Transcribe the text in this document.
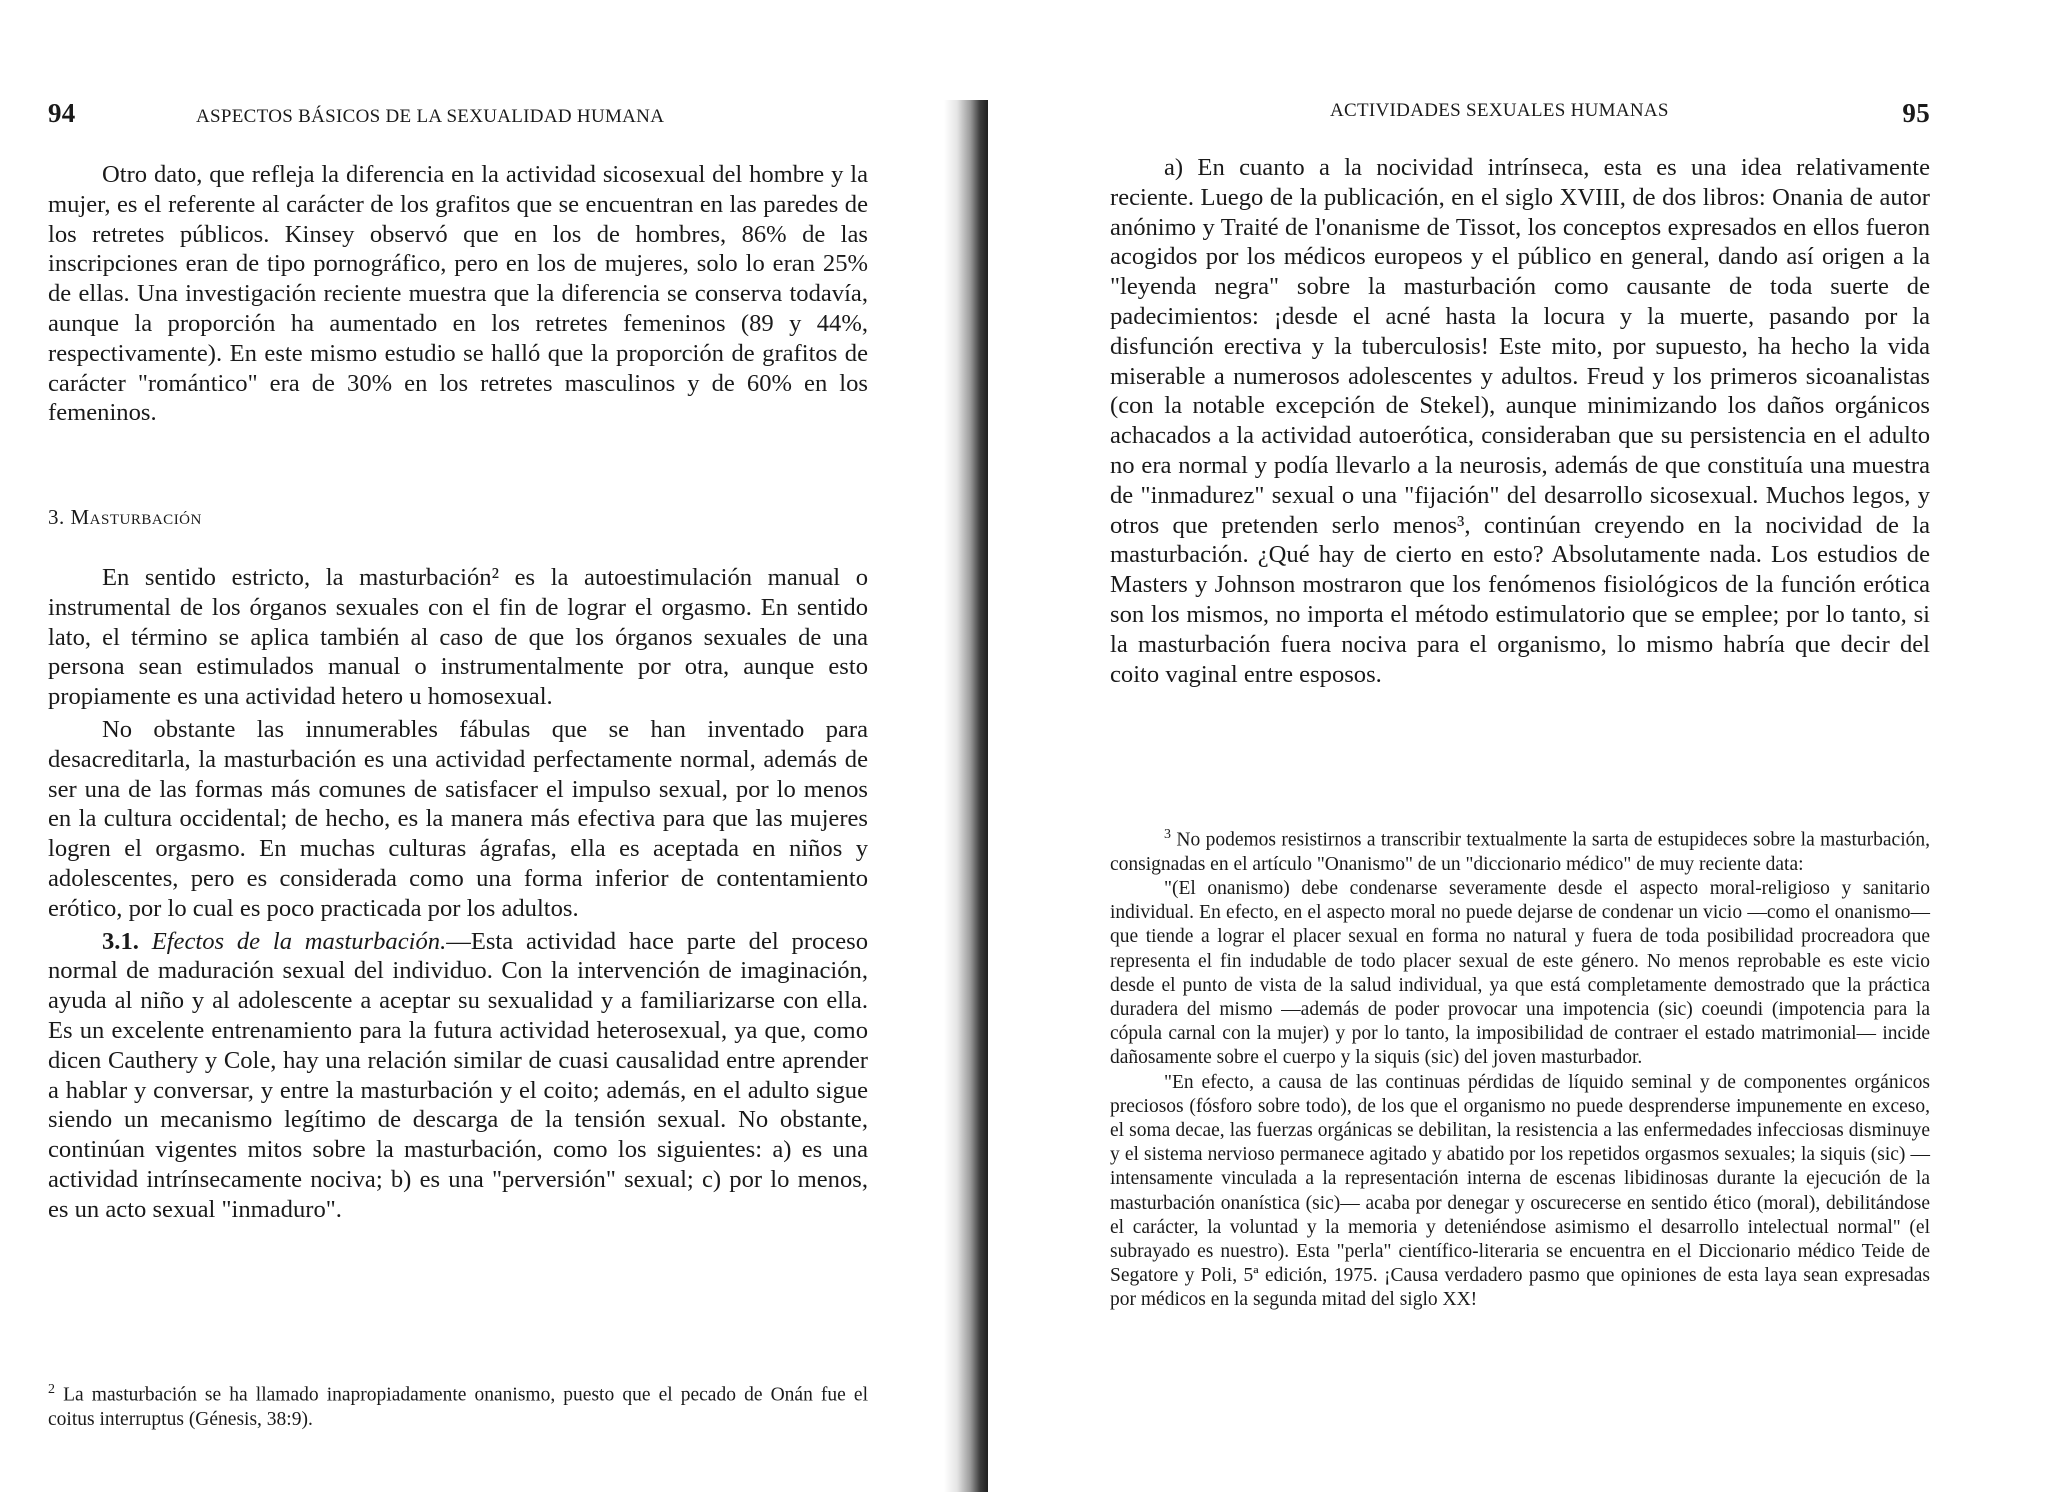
94	ASPECTOS BÁSICOS DE LA SEXUALIDAD HUMANA

Otro dato, que refleja la diferencia en la actividad sicosexual del hombre y la mujer, es el referente al carácter de los grafitos que se encuentran en las paredes de los retretes públicos. Kinsey observó que en los de hombres, 86% de las inscripciones eran de tipo pornográfico, pero en los de mujeres, solo lo eran 25% de ellas. Una investigación reciente muestra que la diferencia se conserva todavía, aunque la proporción ha aumentado en los retretes femeninos (89 y 44%, respectivamente). En este mismo estudio se halló que la proporción de grafitos de carácter "romántico" era de 30% en los retretes masculinos y de 60% en los femeninos.

3. Masturbación

En sentido estricto, la masturbación² es la autoestimulación manual o instrumental de los órganos sexuales con el fin de lograr el orgasmo. En sentido lato, el término se aplica también al caso de que los órganos sexuales de una persona sean estimulados manual o instrumentalmente por otra, aunque esto propiamente es una actividad hetero u homosexual.

No obstante las innumerables fábulas que se han inventado para desacreditarla, la masturbación es una actividad perfectamente normal, además de ser una de las formas más comunes de satisfacer el impulso sexual, por lo menos en la cultura occidental; de hecho, es la manera más efectiva para que las mujeres logren el orgasmo. En muchas culturas ágrafas, ella es aceptada en niños y adolescentes, pero es considerada como una forma inferior de contentamiento erótico, por lo cual es poco practicada por los adultos.

3.1. Efectos de la masturbación.—Esta actividad hace parte del proceso normal de maduración sexual del individuo. Con la intervención de imaginación, ayuda al niño y al adolescente a aceptar su sexualidad y a familiarizarse con ella. Es un excelente entrenamiento para la futura actividad heterosexual, ya que, como dicen Cauthery y Cole, hay una relación similar de cuasi causalidad entre aprender a hablar y conversar, y entre la masturbación y el coito; además, en el adulto sigue siendo un mecanismo legítimo de descarga de la tensión sexual. No obstante, continúan vigentes mitos sobre la masturbación, como los siguientes: a) es una actividad intrínsecamente nociva; b) es una "perversión" sexual; c) por lo menos, es un acto sexual "inmaduro".

$^2$ La masturbación se ha llamado inapropiadamente onanismo, puesto que el pecado de Onán fue el coitus interruptus (Génesis, 38:9).
ACTIVIDADES SEXUALES HUMANAS	95

a) En cuanto a la nocividad intrínseca, esta es una idea relativamente reciente. Luego de la publicación, en el siglo XVIII, de dos libros: Onania de autor anónimo y Traité de l'onanisme de Tissot, los conceptos expresados en ellos fueron acogidos por los médicos europeos y el público en general, dando así origen a la "leyenda negra" sobre la masturbación como causante de toda suerte de padecimientos: ¡desde el acné hasta la locura y la muerte, pasando por la disfunción erectiva y la tuberculosis! Este mito, por supuesto, ha hecho la vida miserable a numerosos adolescentes y adultos. Freud y los primeros sicoanalistas (con la notable excepción de Stekel), aunque minimizando los daños orgánicos achacados a la actividad autoerótica, consideraban que su persistencia en el adulto no era normal y podía llevarlo a la neurosis, además de que constituía una muestra de "inmadurez" sexual o una "fijación" del desarrollo sicosexual. Muchos legos, y otros que pretenden serlo menos³, continúan creyendo en la nocividad de la masturbación. ¿Qué hay de cierto en esto? Absolutamente nada. Los estudios de Masters y Johnson mostraron que los fenómenos fisiológicos de la función erótica son los mismos, no importa el método estimulatorio que se emplee; por lo tanto, si la masturbación fuera nociva para el organismo, lo mismo habría que decir del coito vaginal entre esposos.

$^3$ No podemos resistirnos a transcribir textualmente la sarta de estupideces sobre la masturbación, consignadas en el artículo "Onanismo" de un "diccionario médico" de muy reciente data:

"(El onanismo) debe condenarse severamente desde el aspecto moral-religioso y sanitario individual. En efecto, en el aspecto moral no puede dejarse de condenar un vicio —como el onanismo— que tiende a lograr el placer sexual en forma no natural y fuera de toda posibilidad procreadora que representa el fin indudable de todo placer sexual de este género. No menos reprobable es este vicio desde el punto de vista de la salud individual, ya que está completamente demostrado que la práctica duradera del mismo —además de poder provocar una impotencia (sic) coeundi (impotencia para la cópula carnal con la mujer) y por lo tanto, la imposibilidad de contraer el estado matrimonial— incide dañosamente sobre el cuerpo y la siquis (sic) del joven masturbador.

"En efecto, a causa de las continuas pérdidas de líquido seminal y de componentes orgánicos preciosos (fósforo sobre todo), de los que el organismo no puede desprenderse impunemente en exceso, el soma decae, las fuerzas orgánicas se debilitan, la resistencia a las enfermedades infecciosas disminuye y el sistema nervioso permanece agitado y abatido por los repetidos orgasmos sexuales; la siquis (sic) —intensamente vinculada a la representación interna de escenas libidinosas durante la ejecución de la masturbación onanística (sic)— acaba por denegar y oscurecerse en sentido ético (moral), debilitándose el carácter, la voluntad y la memoria y deteniéndose asimismo el desarrollo intelectual normal" (el subrayado es nuestro). Esta "perla" científico-literaria se encuentra en el Diccionario médico Teide de Segatore y Poli, 5ª edición, 1975. ¡Causa verdadero pasmo que opiniones de esta laya sean expresadas por médicos en la segunda mitad del siglo XX!
